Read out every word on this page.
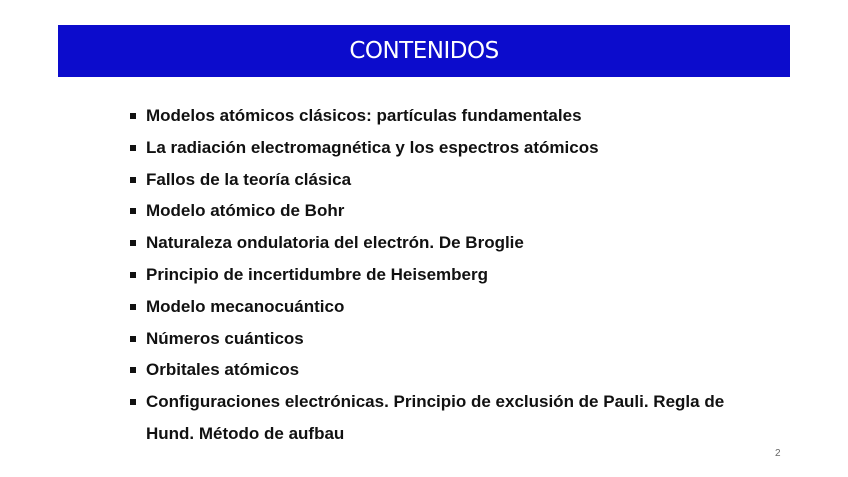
CONTENIDOS
Modelos atómicos clásicos: partículas fundamentales
La radiación electromagnética y los espectros atómicos
Fallos de la teoría clásica
Modelo atómico de Bohr
Naturaleza ondulatoria del electrón. De Broglie
Principio de incertidumbre de Heisemberg
Modelo mecanocuántico
Números cuánticos
Orbitales atómicos
Configuraciones electrónicas. Principio de exclusión de Pauli. Regla de Hund. Método de aufbau
2
